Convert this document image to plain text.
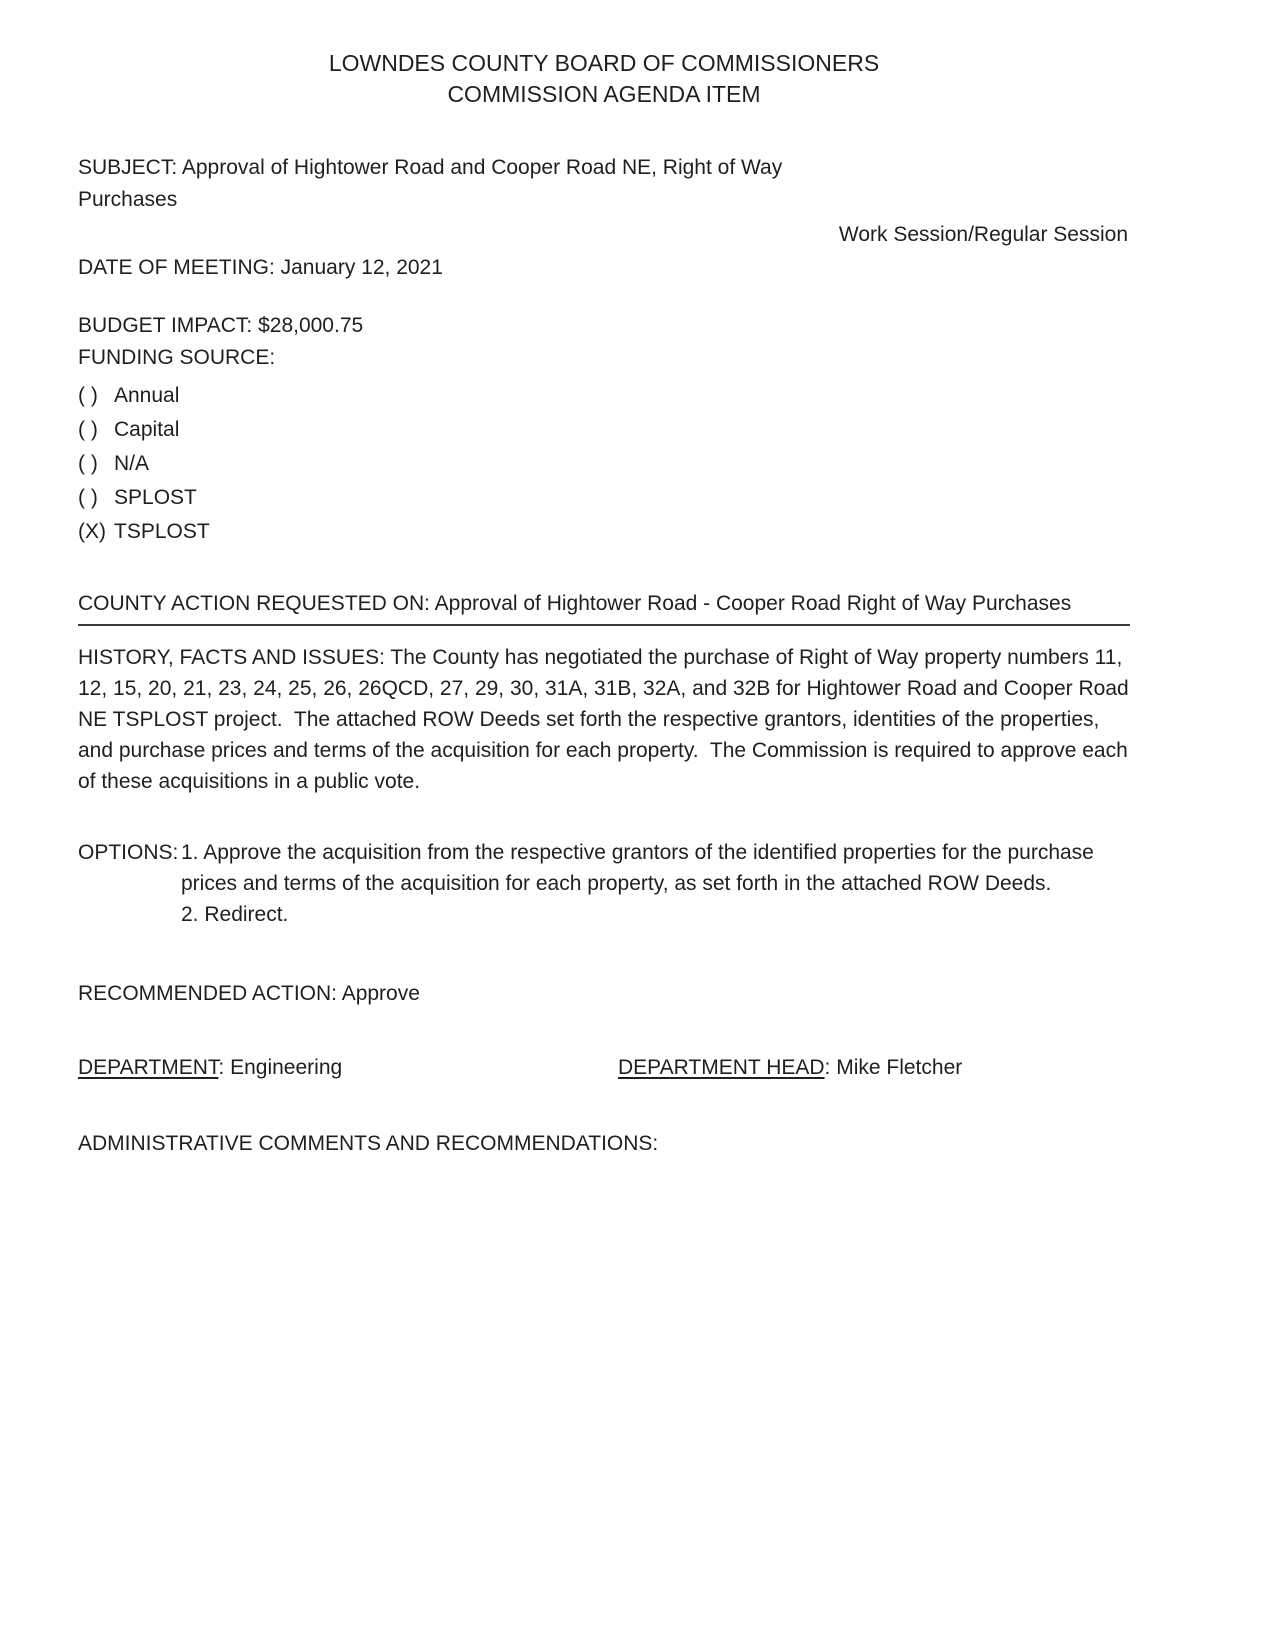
LOWNDES COUNTY BOARD OF COMMISSIONERS
COMMISSION AGENDA ITEM
SUBJECT: Approval of Hightower Road and Cooper Road NE, Right of Way Purchases
Work Session/Regular Session
DATE OF MEETING: January 12, 2021
BUDGET IMPACT: $28,000.75
FUNDING SOURCE:
( ) Annual
( ) Capital
( ) N/A
( ) SPLOST
(X) TSPLOST
COUNTY ACTION REQUESTED ON: Approval of Hightower Road - Cooper Road Right of Way Purchases
HISTORY, FACTS AND ISSUES: The County has negotiated the purchase of Right of Way property numbers 11, 12, 15, 20, 21, 23, 24, 25, 26, 26QCD, 27, 29, 30, 31A, 31B, 32A, and 32B for Hightower Road and Cooper Road NE TSPLOST project.  The attached ROW Deeds set forth the respective grantors, identities of the properties, and purchase prices and terms of the acquisition for each property.  The Commission is required to approve each of these acquisitions in a public vote.
OPTIONS: 1. Approve the acquisition from the respective grantors of the identified properties for the purchase prices and terms of the acquisition for each property, as set forth in the attached ROW Deeds.

2. Redirect.

RECOMMENDED ACTION: Approve
DEPARTMENT: Engineering	DEPARTMENT HEAD: Mike Fletcher
ADMINISTRATIVE COMMENTS AND RECOMMENDATIONS:
